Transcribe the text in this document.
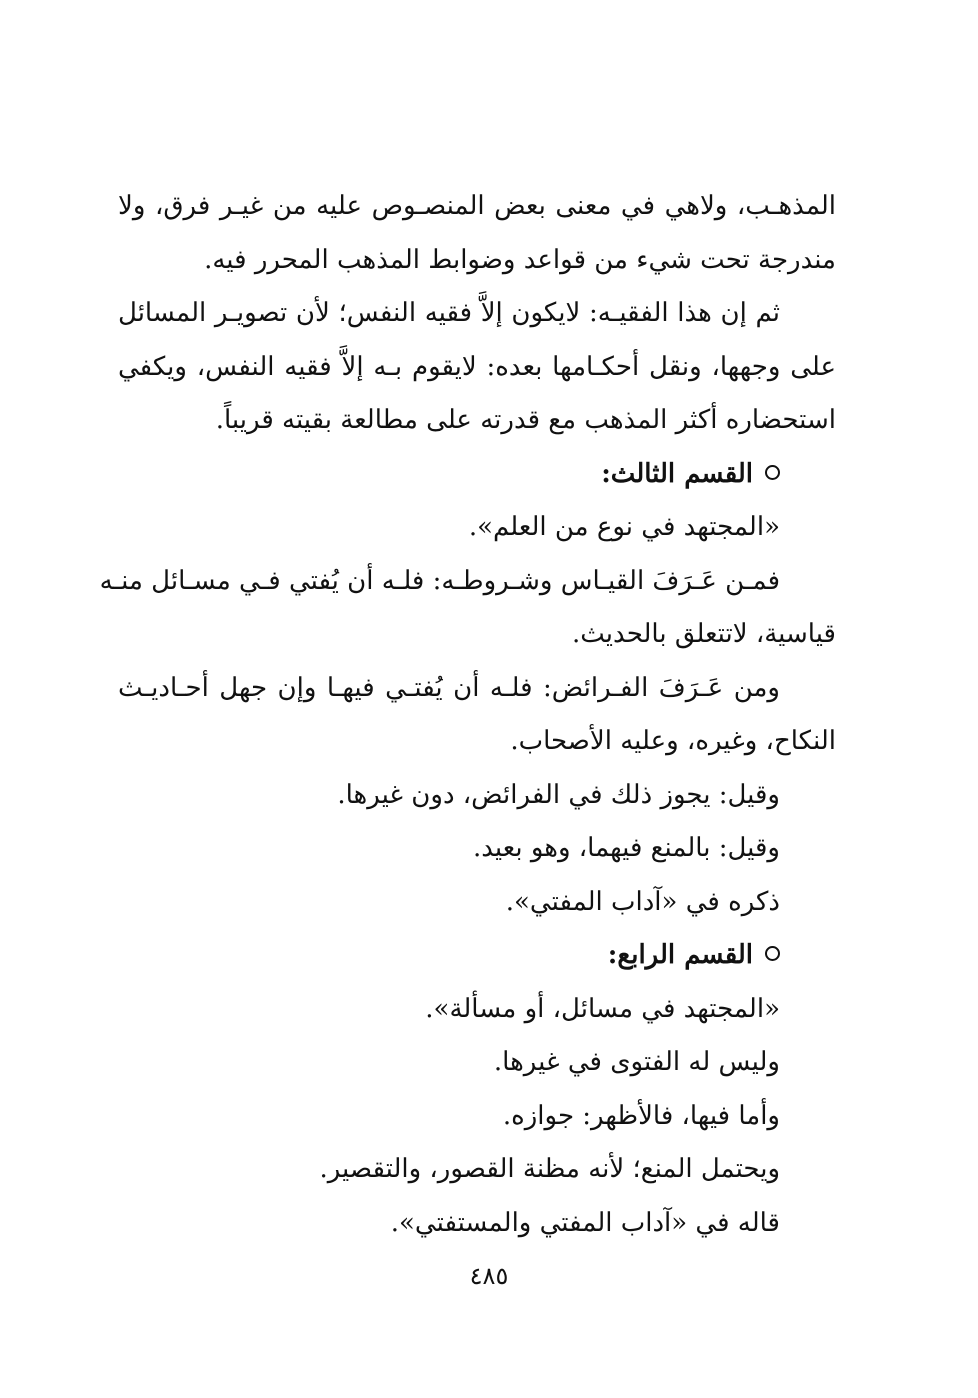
المذهـب، ولاهي في معنى بعض المنصـوص عليه من غيـر فرق، ولا
مندرجة تحت شيء من قواعد وضوابط المذهب المحرر فيه.
ثم إن هذا الفقيـه: لايكون إلاَّ فقيه النفس؛ لأن تصويـر المسائل
على وجهها، ونقل أحكـامها بعده: لايقوم بـه إلاَّ فقيه النفس، ويكفي
استحضاره أكثر المذهب مع قدرته على مطالعة بقيته قريباً.
القسم الثالث:
«المجتهد في نوع من العلم».
فمـن عَـرَفَ القيـاس وشـروطـه: فلـه أن يُفتي فـي مسـائل منـه
قياسية، لاتتعلق بالحديث.
ومن عَـرَفَ الفـرائض: فلـه أن يُفتـي فيهـا وإن جهل أحـاديـث
النكاح، وغيره، وعليه الأصحاب.
وقيل: يجوز ذلك في الفرائض، دون غيرها.
وقيل: بالمنع فيهما، وهو بعيد.
ذكره في «آداب المفتي».
القسم الرابع:
«المجتهد في مسائل، أو مسألة».
وليس له الفتوى في غيرها.
وأما فيها، فالأظهر: جوازه.
ويحتمل المنع؛ لأنه مظنة القصور، والتقصير.
قاله في «آداب المفتي والمستفتي».
٤٨٥
